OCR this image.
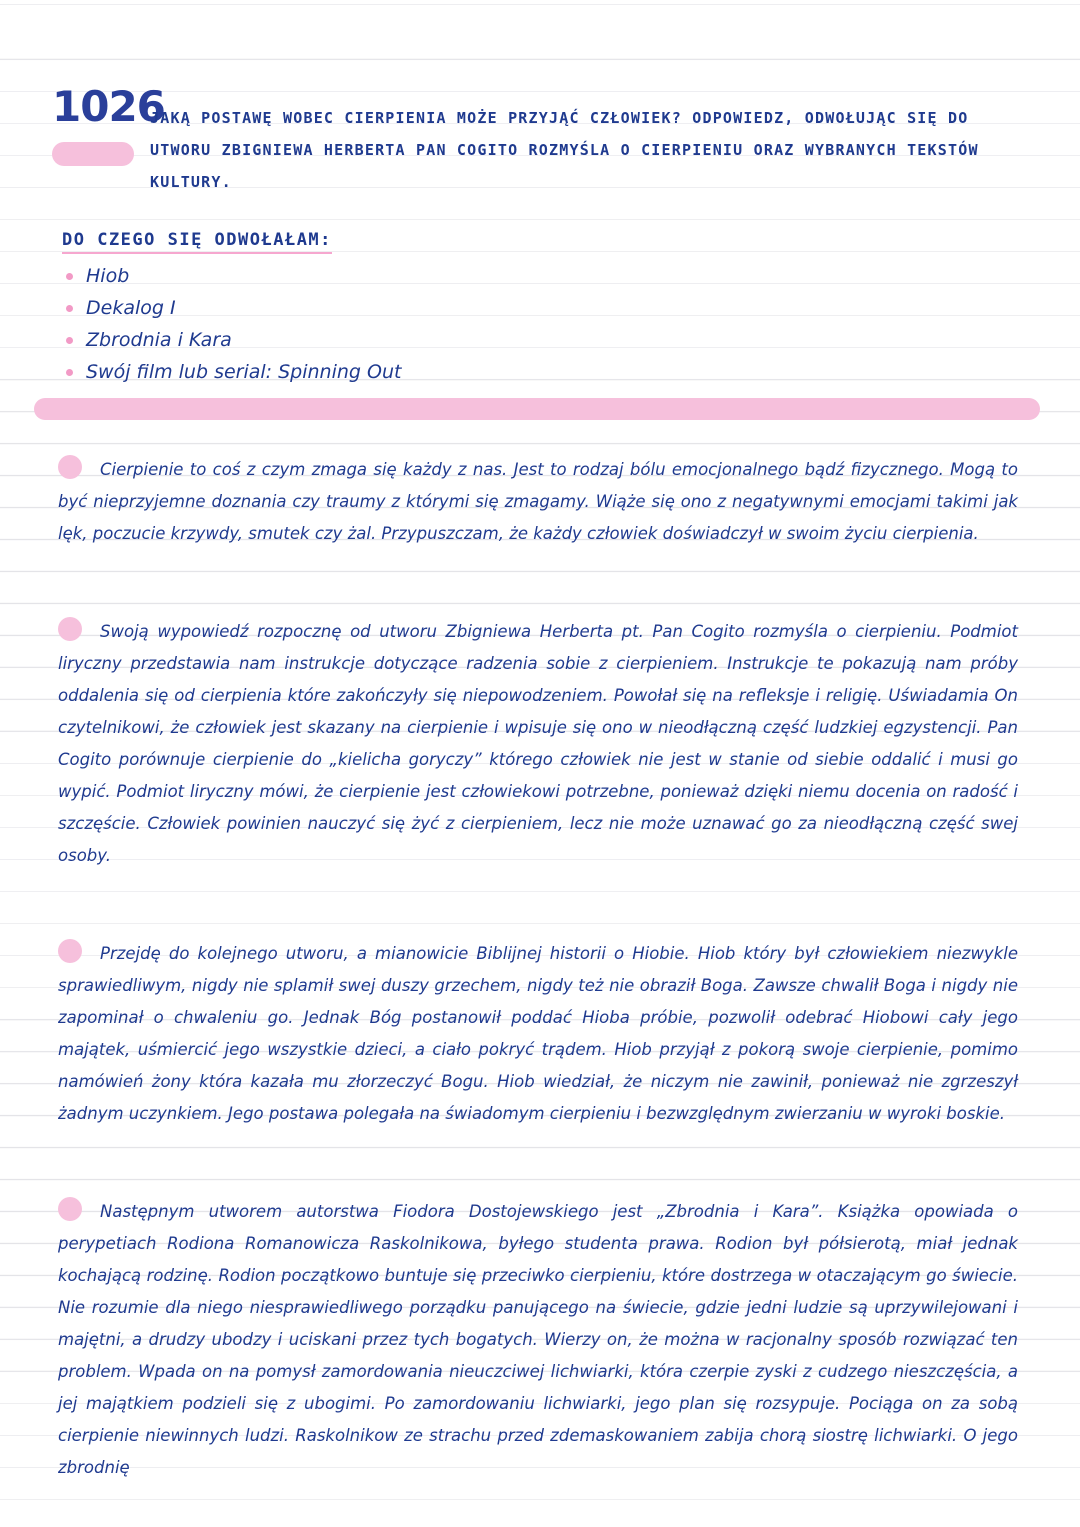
1026
JAKĄ POSTAWĘ WOBEC CIERPIENIA MOŻE PRZYJĄĆ CZŁOWIEK? ODPOWIEDZ, ODWOŁUJĄC SIĘ DO UTWORU ZBIGNIEWA HERBERTA PAN COGITO ROZMYŚLA O CIERPIENIU ORAZ WYBRANYCH TEKSTÓW KULTURY.
DO CZEGO SIĘ ODWOŁAŁAM:
Hiob
Dekalog I
Zbrodnia i Kara
Swój film lub serial: Spinning Out
Cierpienie to coś z czym zmaga się każdy z nas. Jest to rodzaj bólu emocjonalnego bądź fizycznego. Mogą to być nieprzyjemne doznania czy traumy z którymi się zmagamy. Wiąże się ono z negatywnymi emocjami takimi jak lęk, poczucie krzywdy, smutek czy żal. Przypuszczam, że każdy człowiek doświadczył w swoim życiu cierpienia.
Swoją wypowiedź rozpocznę od utworu Zbigniewa Herberta pt. Pan Cogito rozmyśla o cierpieniu. Podmiot liryczny przedstawia nam instrukcje dotyczące radzenia sobie z cierpieniem. Instrukcje te pokazują nam próby oddalenia się od cierpienia które zakończyły się niepowodzeniem. Powołał się na refleksje i religię. Uświadamia On czytelnikowi, że człowiek jest skazany na cierpienie i wpisuje się ono w nieodłączną część ludzkiej egzystencji. Pan Cogito porównuje cierpienie do „kielicha goryczy” którego człowiek nie jest w stanie od siebie oddalić i musi go wypić. Podmiot liryczny mówi, że cierpienie jest człowiekowi potrzebne, ponieważ dzięki niemu docenia on radość i szczęście. Człowiek powinien nauczyć się żyć z cierpieniem, lecz nie może uznawać go za nieodłączną część swej osoby.
Przejdę do kolejnego utworu, a mianowicie Biblijnej historii o Hiobie. Hiob który był człowiekiem niezwykle sprawiedliwym, nigdy nie splamił swej duszy grzechem, nigdy też nie obraził Boga. Zawsze chwalił Boga i nigdy nie zapominał o chwaleniu go. Jednak Bóg postanowił poddać Hioba próbie, pozwolił odebrać Hiobowi cały jego majątek, uśmiercić jego wszystkie dzieci, a ciało pokryć trądem. Hiob przyjął z pokorą swoje cierpienie, pomimo namówień żony która kazała mu złorzeczyć Bogu. Hiob wiedział, że niczym nie zawinił, ponieważ nie zgrzeszył żadnym uczynkiem. Jego postawa polegała na świadomym cierpieniu i bezwzględnym zwierzaniu w wyroki boskie.
Następnym utworem autorstwa Fiodora Dostojewskiego jest „Zbrodnia i Kara”. Książka opowiada o perypetiach Rodiona Romanowicza Raskolnikowa, byłego studenta prawa. Rodion był półsierotą, miał jednak kochającą rodzinę. Rodion początkowo buntuje się przeciwko cierpieniu, które dostrzega w otaczającym go świecie. Nie rozumie dla niego niesprawiedliwego porządku panującego na świecie, gdzie jedni ludzie są uprzywilejowani i majętni, a drudzy ubodzy i uciskani przez tych bogatych. Wierzy on, że można w racjonalny sposób rozwiązać ten problem. Wpada on na pomysł zamordowania nieuczciwej lichwiarki, która czerpie zyski z cudzego nieszczęścia, a jej majątkiem podzieli się z ubogimi. Po zamordowaniu lichwiarki, jego plan się rozsypuje. Pociąga on za sobą cierpienie niewinnych ludzi. Raskolnikow ze strachu przed zdemaskowaniem zabija chorą siostrę lichwiarki. O jego zbrodnię
